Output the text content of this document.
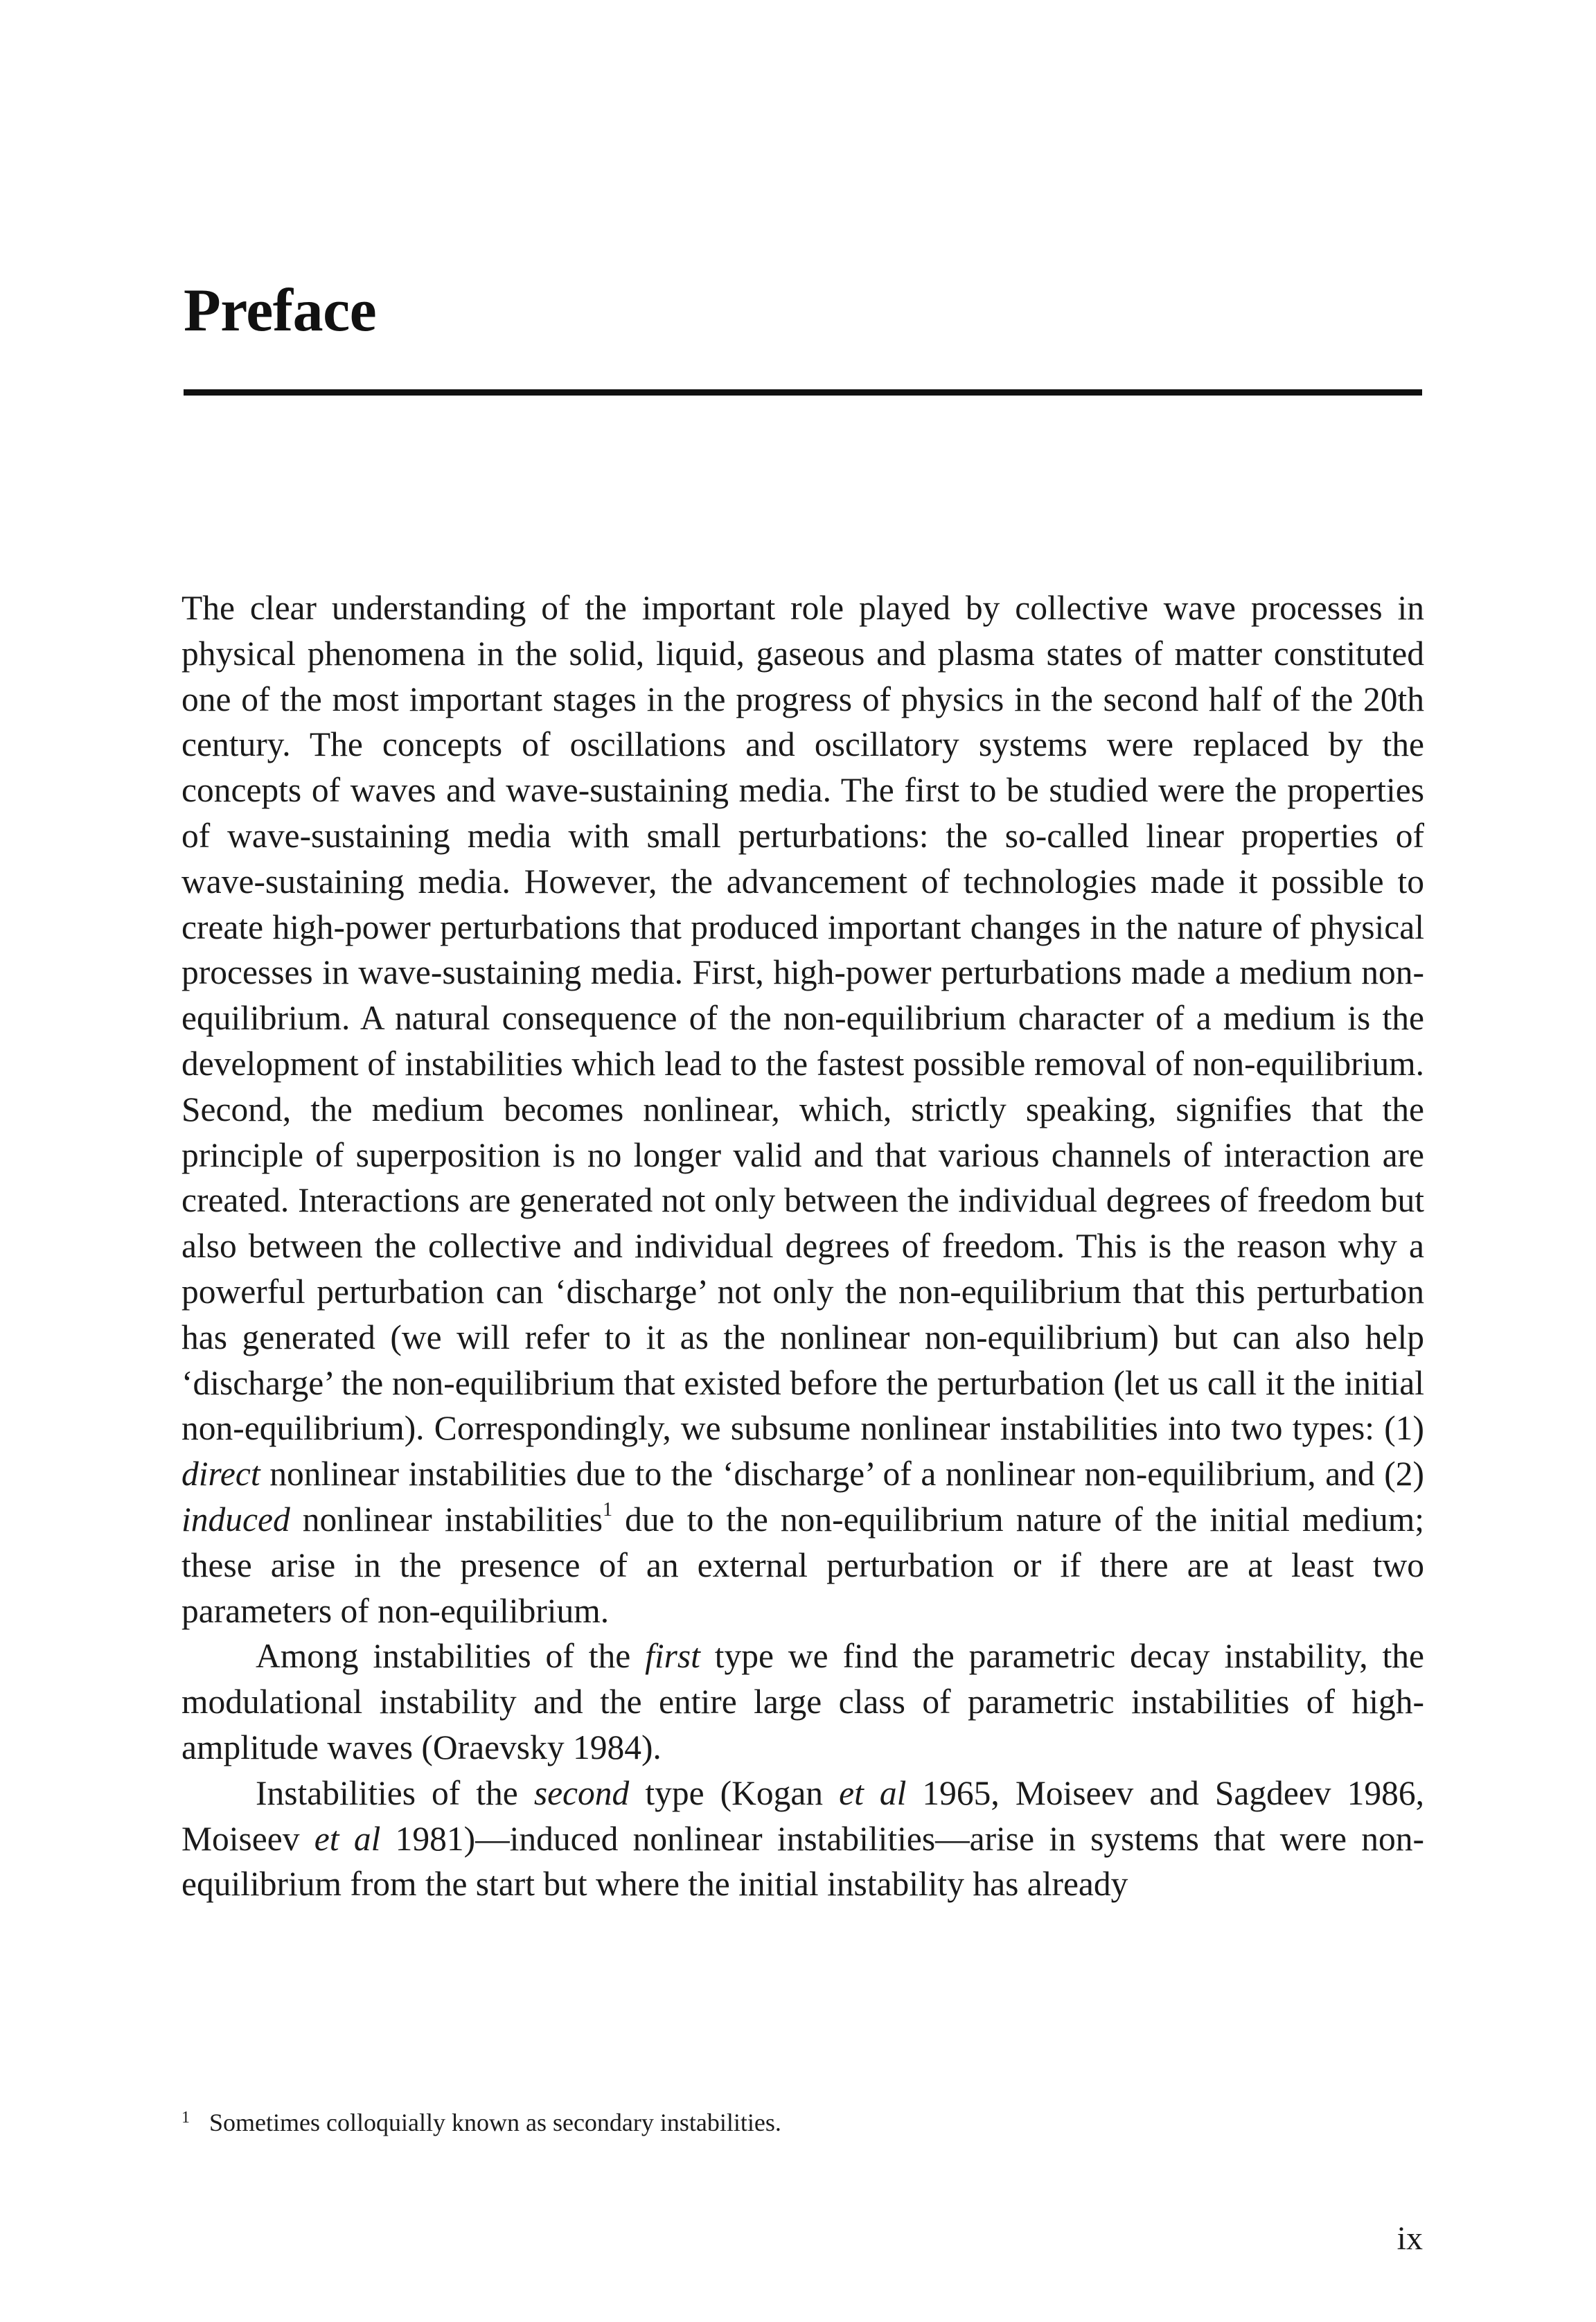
Preface

The clear understanding of the important role played by collective wave processes in physical phenomena in the solid, liquid, gaseous and plasma states of matter constituted one of the most important stages in the progress of physics in the second half of the 20th century. The concepts of oscillations and oscillatory systems were replaced by the concepts of waves and wave-sustaining media. The first to be studied were the properties of wave-sustaining media with small perturbations: the so-called linear properties of wave-sustaining media. However, the advancement of technologies made it possible to create high-power perturbations that produced important changes in the nature of physical processes in wave-sustaining media. First, high-power perturbations made a medium non-equilibrium. A natural consequence of the non-equilibrium character of a medium is the development of instabilities which lead to the fastest possible removal of non-equilibrium. Second, the medium becomes nonlinear, which, strictly speaking, signifies that the principle of superposition is no longer valid and that various channels of interaction are created. Interactions are generated not only between the individual degrees of freedom but also between the collective and individual degrees of freedom. This is the reason why a powerful perturbation can ‘discharge’ not only the non-equilibrium that this perturbation has generated (we will refer to it as the nonlinear non-equilibrium) but can also help ‘discharge’ the non-equilibrium that existed before the perturbation (let us call it the initial non-equilibrium). Correspondingly, we subsume nonlinear instabilities into two types: (1) direct nonlinear instabilities due to the ‘discharge’ of a nonlinear non-equilibrium, and (2) induced nonlinear instabilities$^1$ due to the non-equilibrium nature of the initial medium; these arise in the presence of an external perturbation or if there are at least two parameters of non-equilibrium.

Among instabilities of the first type we find the parametric decay instability, the modulational instability and the entire large class of parametric instabilities of high-amplitude waves (Oraevsky 1984).

Instabilities of the second type (Kogan et al 1965, Moiseev and Sagdeev 1986, Moiseev et al 1981)—induced nonlinear instabilities—arise in systems that were non-equilibrium from the start but where the initial instability has already

1 Sometimes colloquially known as secondary instabilities.
ix
